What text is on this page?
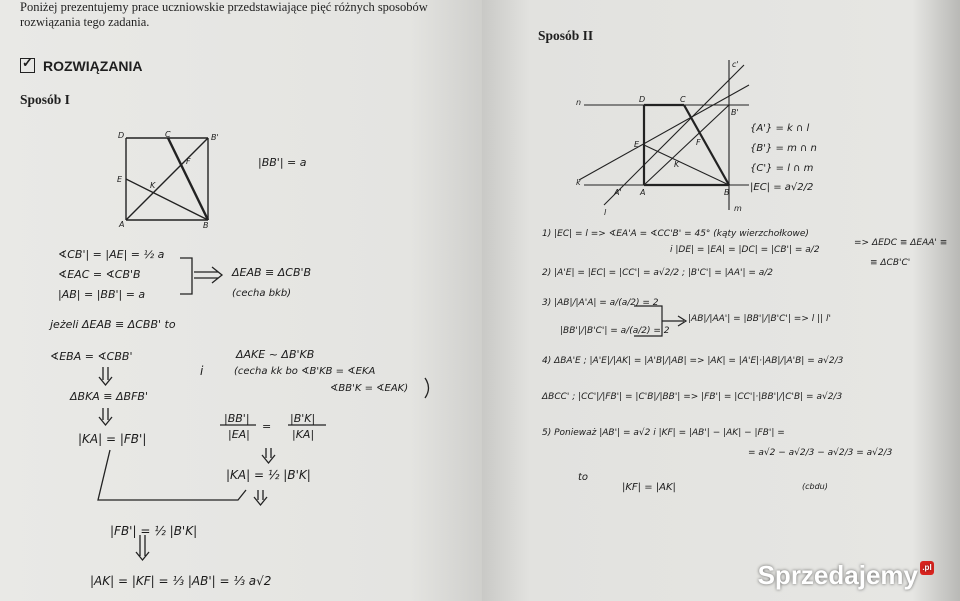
Poniżej prezentujemy prace uczniowskie przedstawiające pięć różnych sposobów rozwiązania tego zadania.
✓ROZWIĄZANIA
Sposób I
D	C	B'
E
K
F
A	B
|BB'| = a
∢CB'| = |AE| = ½ a
∢EAC = ∢CB'B
|AB| = |BB'| = a
ΔEAB ≡ ΔCB'B
(cecha bkb)
jeżeli ΔEAB ≡ ΔCBB' to
∢EBA = ∢CBB'
i
ΔAKE ~ ΔB'KB
(cecha kk bo ∢B'KB = ∢EKA
∢BB'K = ∢EAK)
ΔBKA ≡ ΔBFB'
|KA| = |FB'|
|BB'|
|EA|
=
|B'K|
|KA|
|KA| = ½ |B'K|
|FB'| = ½ |B'K|
|AK| = |KF| = ⅓ |AB'| = ⅓ a√2
Sposób II
c'
n	D	C
B'
E	F
K
k
A' A	B
l	m
{A'} = k ∩ l
{B'} = m ∩ n
{C'} = l ∩ m
|EC| = a√2/2
1) |EC| = l => ∢EA'A = ∢CC'B' = 45° (kąty wierzchołkowe)
i |DE| = |EA| = |DC| = |CB'| = a/2
=> ΔEDC ≡ ΔEAA' ≡
≡ ΔCB'C'
2) |A'E| = |EC| = |CC'| = a√2/2 ; |B'C'| = |AA'| = a/2
3) |AB|/|A'A| = a/(a/2) = 2
|BB'|/|B'C'| = a/(a/2) = 2
|AB|/|AA'| = |BB'|/|B'C'| => l || l'
4) ΔBA'E ; |A'E|/|AK| = |A'B|/|AB| => |AK| = |A'E|·|AB|/|A'B| = a√2/3
ΔBCC' ; |CC'|/|FB'| = |C'B|/|BB'| => |FB'| = |CC'|·|BB'|/|C'B| = a√2/3
5) Ponieważ |AB'| = a√2 i |KF| = |AB'| − |AK| − |FB'| =
= a√2 − a√2/3 − a√2/3 = a√2/3
to
|KF| = |AK|	(cbdu)
Sprzedajemy .pl
